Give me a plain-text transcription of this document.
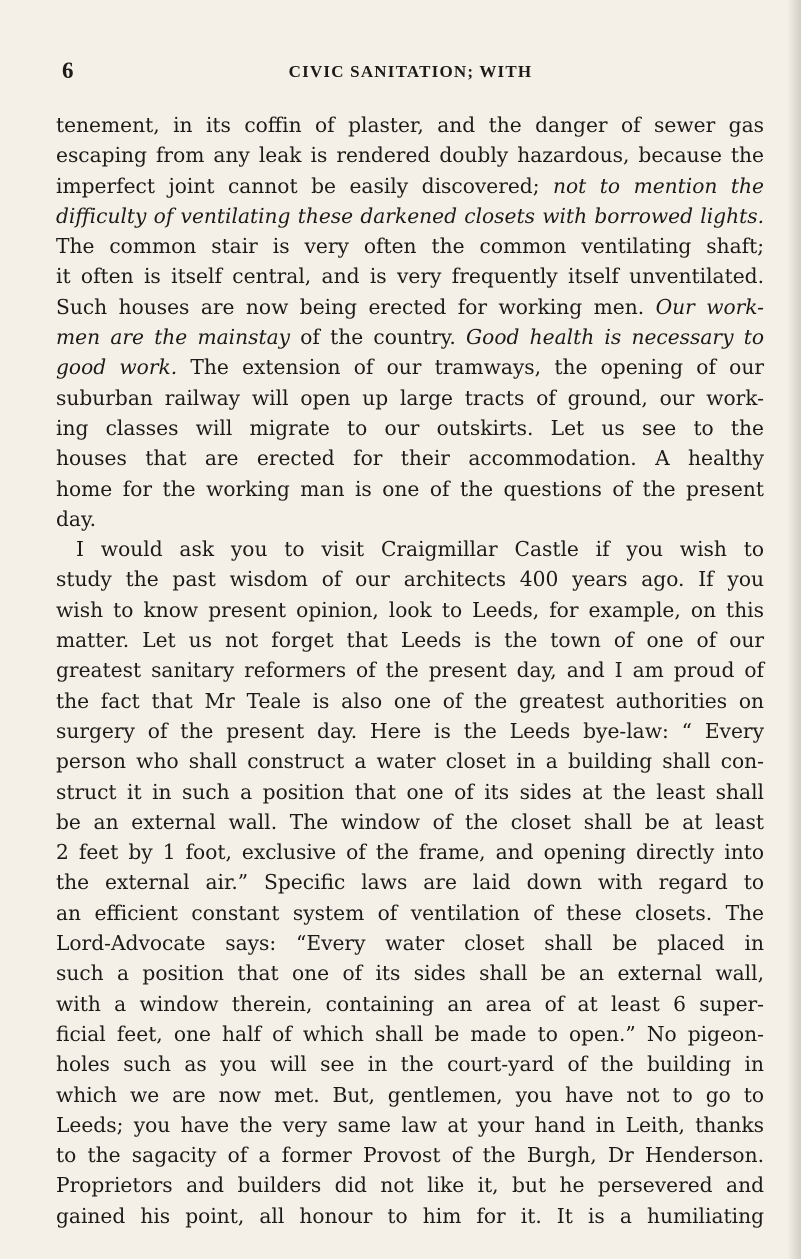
6	CIVIC SANITATION; WITH
tenement, in its coffin of plaster, and the danger of sewer gas
escaping from any leak is rendered doubly hazardous, because the
imperfect joint cannot be easily discovered; not to mention the
difficulty of ventilating these darkened closets with borrowed lights.
The common stair is very often the common ventilating shaft;
it often is itself central, and is very frequently itself unventilated.
Such houses are now being erected for working men. Our work-
men are the mainstay of the country. Good health is necessary to
good work. The extension of our tramways, the opening of our
suburban railway will open up large tracts of ground, our work-
ing classes will migrate to our outskirts. Let us see to the
houses that are erected for their accommodation. A healthy
home for the working man is one of the questions of the present
day.
I would ask you to visit Craigmillar Castle if you wish to
study the past wisdom of our architects 400 years ago. If you
wish to know present opinion, look to Leeds, for example, on this
matter. Let us not forget that Leeds is the town of one of our
greatest sanitary reformers of the present day, and I am proud of
the fact that Mr Teale is also one of the greatest authorities on
surgery of the present day. Here is the Leeds bye-law: “ Every
person who shall construct a water closet in a building shall con-
struct it in such a position that one of its sides at the least shall
be an external wall. The window of the closet shall be at least
2 feet by 1 foot, exclusive of the frame, and opening directly into
the external air.” Specific laws are laid down with regard to
an efficient constant system of ventilation of these closets. The
Lord-Advocate says: “Every water closet shall be placed in
such a position that one of its sides shall be an external wall,
with a window therein, containing an area of at least 6 super-
ficial feet, one half of which shall be made to open.” No pigeon-
holes such as you will see in the court-yard of the building in
which we are now met. But, gentlemen, you have not to go to
Leeds; you have the very same law at your hand in Leith, thanks
to the sagacity of a former Provost of the Burgh, Dr Henderson.
Proprietors and builders did not like it, but he persevered and
gained his point, all honour to him for it. It is a humiliating
